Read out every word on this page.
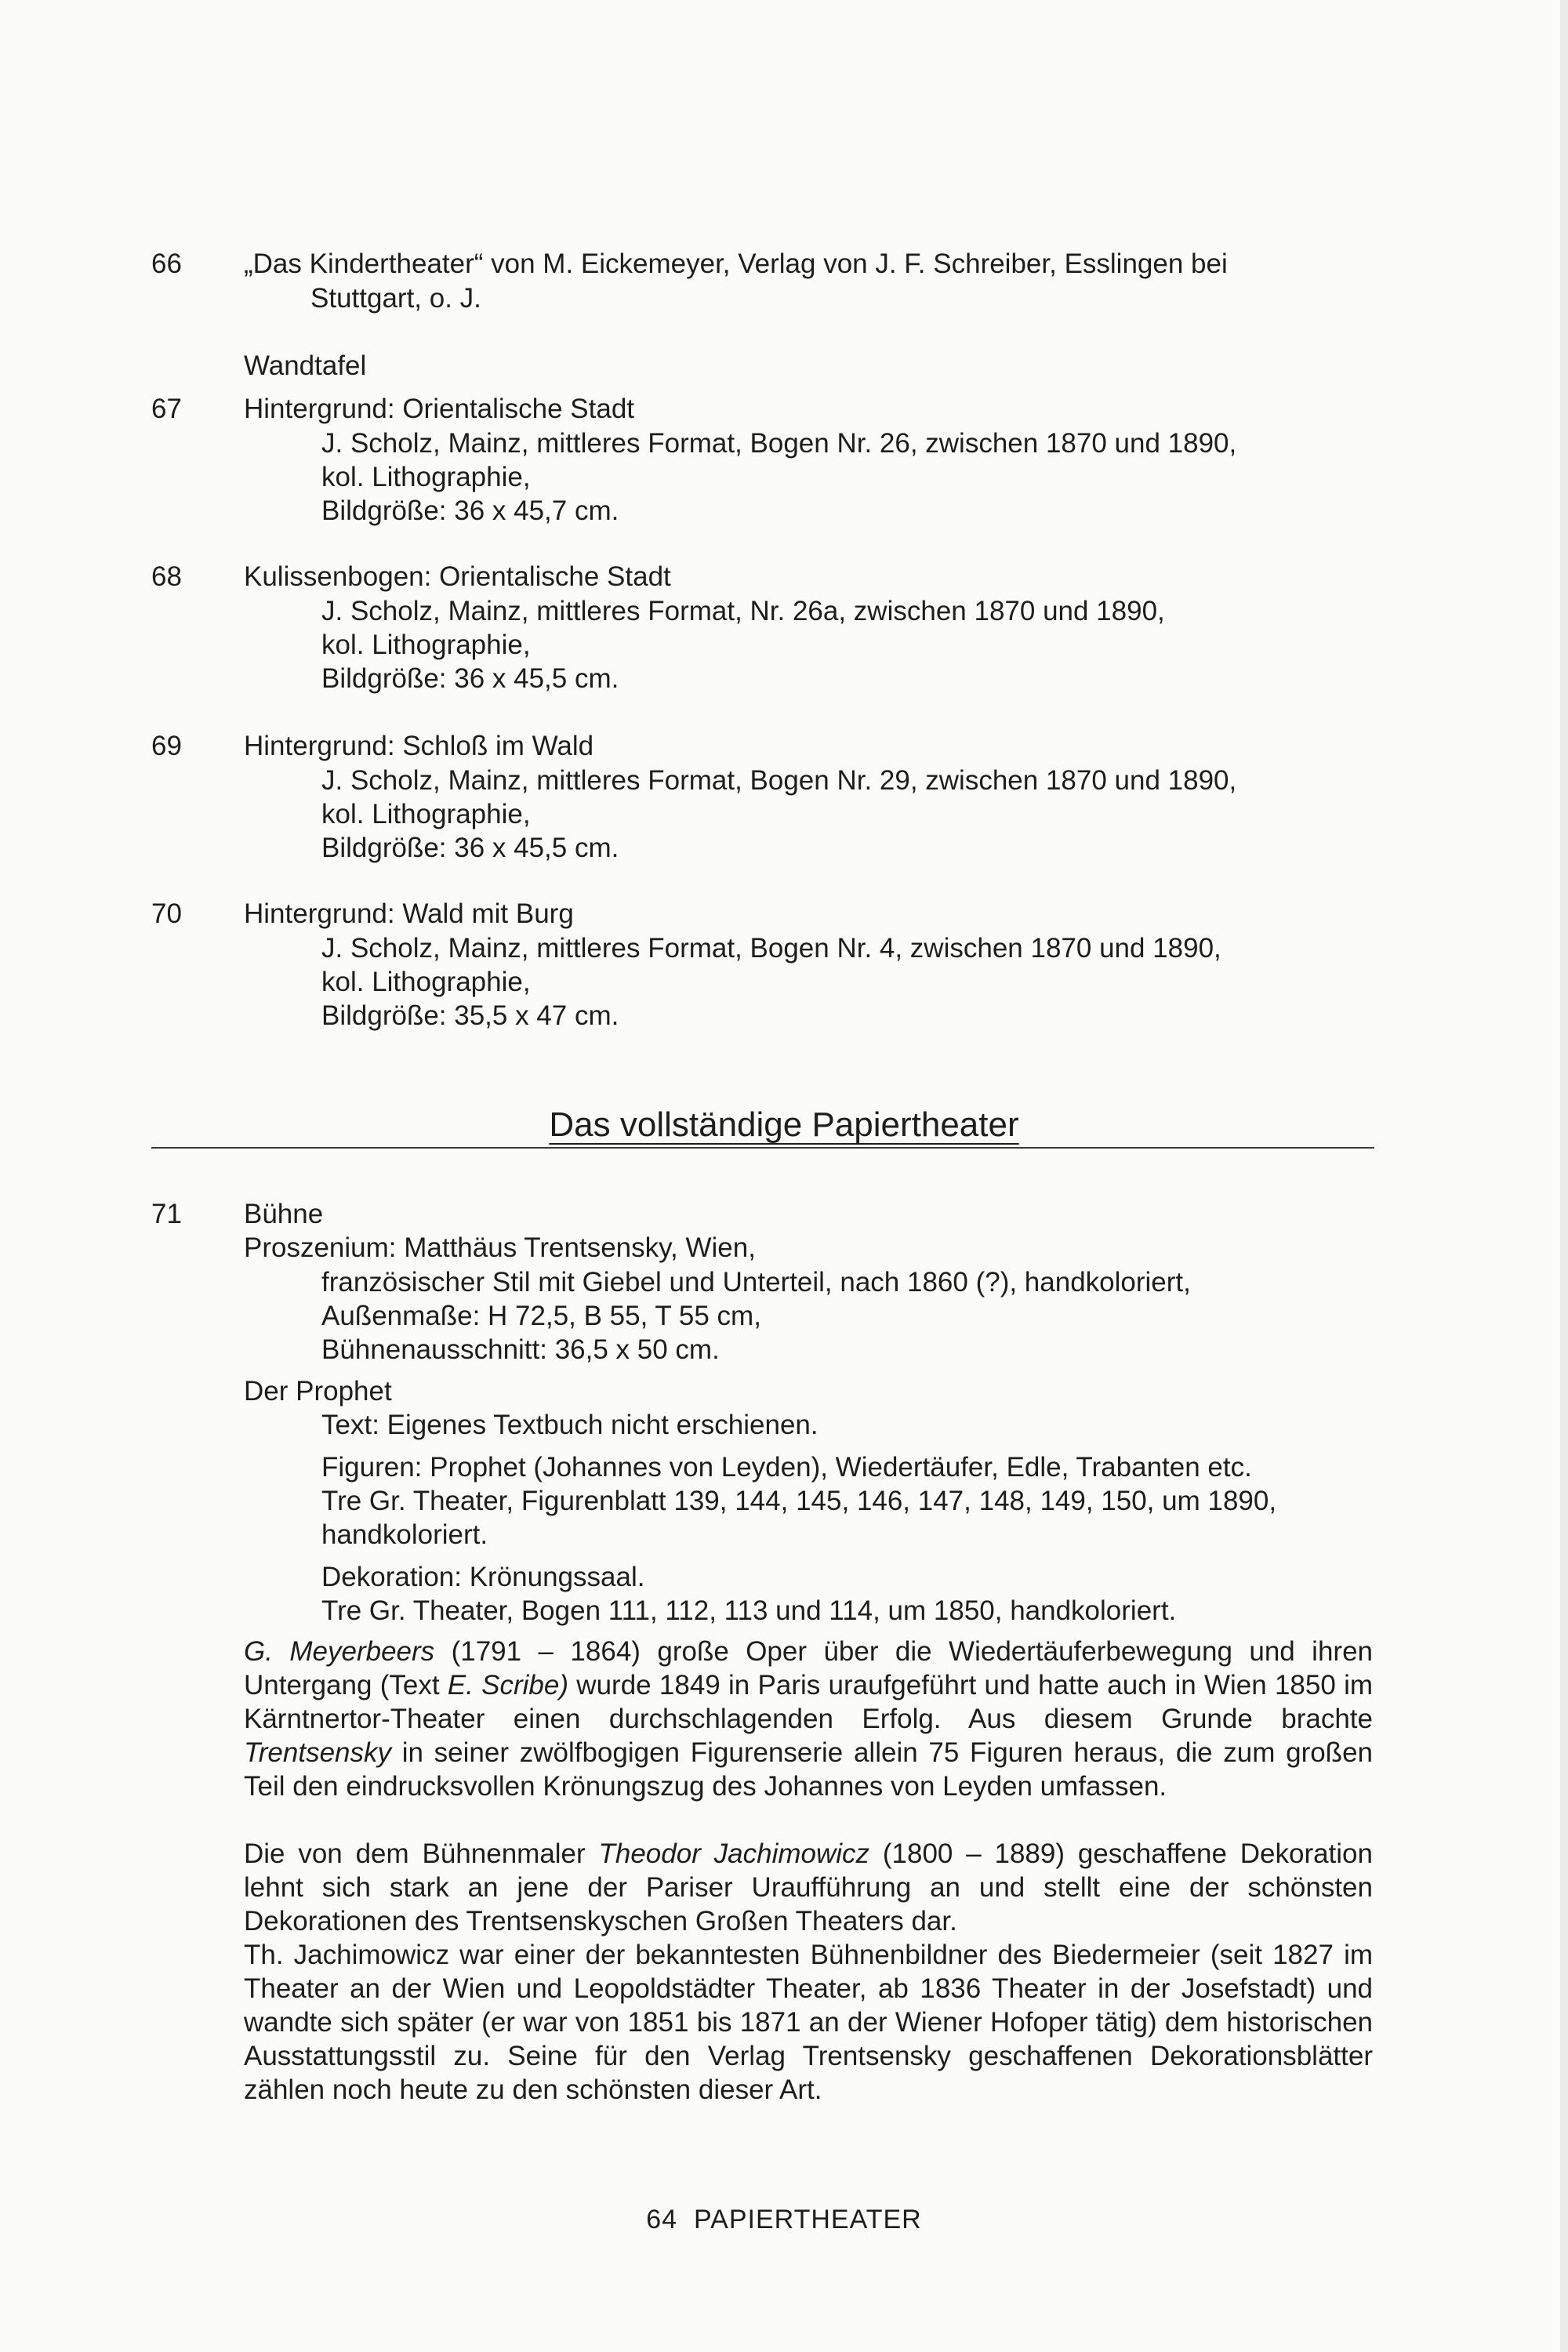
66 „Das Kindertheater“ von M. Eickemeyer, Verlag von J. F. Schreiber, Esslingen bei
Stuttgart, o. J.
Wandtafel
67 Hintergrund: Orientalische Stadt
J. Scholz, Mainz, mittleres Format, Bogen Nr. 26, zwischen 1870 und 1890,
kol. Lithographie,
Bildgröße: 36 x 45,7 cm.
68 Kulissenbogen: Orientalische Stadt
J. Scholz, Mainz, mittleres Format, Nr. 26a, zwischen 1870 und 1890,
kol. Lithographie,
Bildgröße: 36 x 45,5 cm.
69 Hintergrund: Schloß im Wald
J. Scholz, Mainz, mittleres Format, Bogen Nr. 29, zwischen 1870 und 1890,
kol. Lithographie,
Bildgröße: 36 x 45,5 cm.
70 Hintergrund: Wald mit Burg
J. Scholz, Mainz, mittleres Format, Bogen Nr. 4, zwischen 1870 und 1890,
kol. Lithographie,
Bildgröße: 35,5 x 47 cm.
Das vollständige Papiertheater
71 Bühne
Proszenium: Matthäus Trentsensky, Wien,
französischer Stil mit Giebel und Unterteil, nach 1860 (?), handkoloriert,
Außenmaße: H 72,5, B 55, T 55 cm,
Bühnenausschnitt: 36,5 x 50 cm.
Der Prophet
Text: Eigenes Textbuch nicht erschienen.
Figuren: Prophet (Johannes von Leyden), Wiedertäufer, Edle, Trabanten etc.
Tre Gr. Theater, Figurenblatt 139, 144, 145, 146, 147, 148, 149, 150, um 1890,
handkoloriert.
Dekoration: Krönungssaal.
Tre Gr. Theater, Bogen 111, 112, 113 und 114, um 1850, handkoloriert.

G. Meyerbeers (1791 – 1864) große Oper über die Wiedertäuferbewegung und ihren Untergang (Text E. Scribe) wurde 1849 in Paris uraufgeführt und hatte auch in Wien 1850 im Kärntnertor-Theater einen durchschlagenden Erfolg. Aus diesem Grunde brachte Trentsensky in seiner zwölfbogigen Figurenserie allein 75 Figuren heraus, die zum großen Teil den eindrucksvollen Krönungszug des Johannes von Leyden umfassen.

Die von dem Bühnenmaler Theodor Jachimowicz (1800 – 1889) geschaffene Dekoration lehnt sich stark an jene der Pariser Uraufführung an und stellt eine der schönsten Dekorationen des Trentsenskyschen Großen Theaters dar.

Th. Jachimowicz war einer der bekanntesten Bühnenbildner des Biedermeier (seit 1827 im Theater an der Wien und Leopoldstädter Theater, ab 1836 Theater in der Josefstadt) und wandte sich später (er war von 1851 bis 1871 an der Wiener Hofoper tätig) dem historischen Ausstattungsstil zu. Seine für den Verlag Trentsensky geschaffenen Dekorationsblätter zählen noch heute zu den schönsten dieser Art.

64 PAPIERTHEATER
